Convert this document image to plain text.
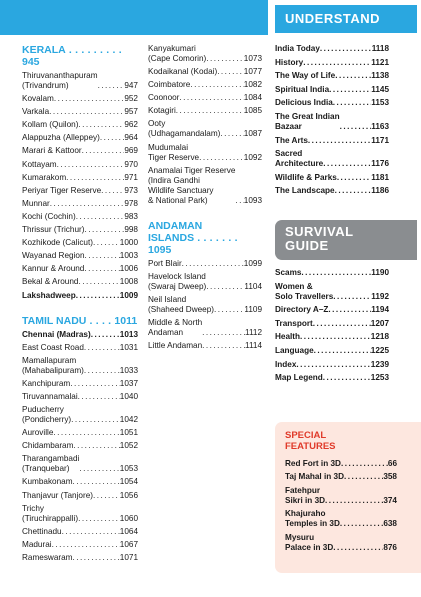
KERALA . . . . . . . . . 945
Thiruvananthapuram
(Trivandrum) . . .	947
Kovalam . . .	952
Varkala . . .	957
Kollam (Quilon) . . .	962
Alappuzha (Alleppey) . . .	964
Marari & Kattoor . . .	969
Kottayam . . .	970
Kumarakom . . .	971
Periyar Tiger Reserve . . .	973
Munnar . . .	978
Kochi (Cochin) . . .	983
Thrissur (Trichur) . . .	998
Kozhikode (Calicut) . . .	1000
Wayanad Region . . .	1003
Kannur & Around . . .	1006
Bekal & Around . . .	1008
Lakshadweep . . .	1009
TAMIL NADU . . . . 1011
Chennai (Madras) . . .	1013
East Coast Road . . .	1031
Mamallapuram
(Mahabalipuram) . . .	1033
Kanchipuram . . .	1037
Tiruvannamalai . . .	1040
Puducherry
(Pondicherry) . . .	1042
Auroville . . .	1051
Chidambaram . . .	1052
Tharangambadi
(Tranquebar) . . .	1053
Kumbakonam . . .	1054
Thanjavur (Tanjore) . . .	1056
Trichy
(Tiruchirappalli) . . .	1060
Chettinadu . . .	1064
Madurai . . .	1067
Rameswaram . . .	1071
Kanyakumari
(Cape Comorin) . . .	1073
Kodaikanal (Kodai) . . .	1077
Coimbatore . . .	1082
Coonoor . . .	1084
Kotagiri . . .	1085
Ooty
(Udhagamandalam) . . .	1087
Mudumalai
Tiger Reserve . . .	1092
Anamalai Tiger Reserve
(Indira Gandhi
Wildlife Sanctuary
& National Park) . . .	1093
ANDAMAN
ISLANDS . . . . . . . 1095
Port Blair . . .	1099
Havelock Island
(Swaraj Dweep) . . .	1104
Neil Island
(Shaheed Dweep) . . .	1109
Middle & North
Andaman . . .	1112
Little Andaman . . .	1114
UNDERSTAND
India Today . . .	1118
History . . .	1121
The Way of Life . . .	1138
Spiritual India . . .	1145
Delicious India . . .	1153
The Great Indian
Bazaar . . .	1163
The Arts . . .	1171
Sacred
Architecture . . .	1176
Wildlife & Parks . . .	1181
The Landscape . . .	1186
SURVIVAL
GUIDE
Scams . . .	1190
Women &
Solo Travellers . . .	1192
Directory A–Z . . .	1194
Transport . . .	1207
Health . . .	1218
Language . . .	1225
Index . . .	1239
Map Legend . . .	1253
SPECIAL
FEATURES
Red Fort in 3D . . .	66
Taj Mahal in 3D . . .	358
Fatehpur
Sikri in 3D . . .	374
Khajuraho
Temples in 3D . . .	638
Mysuru
Palace in 3D . . .	876
